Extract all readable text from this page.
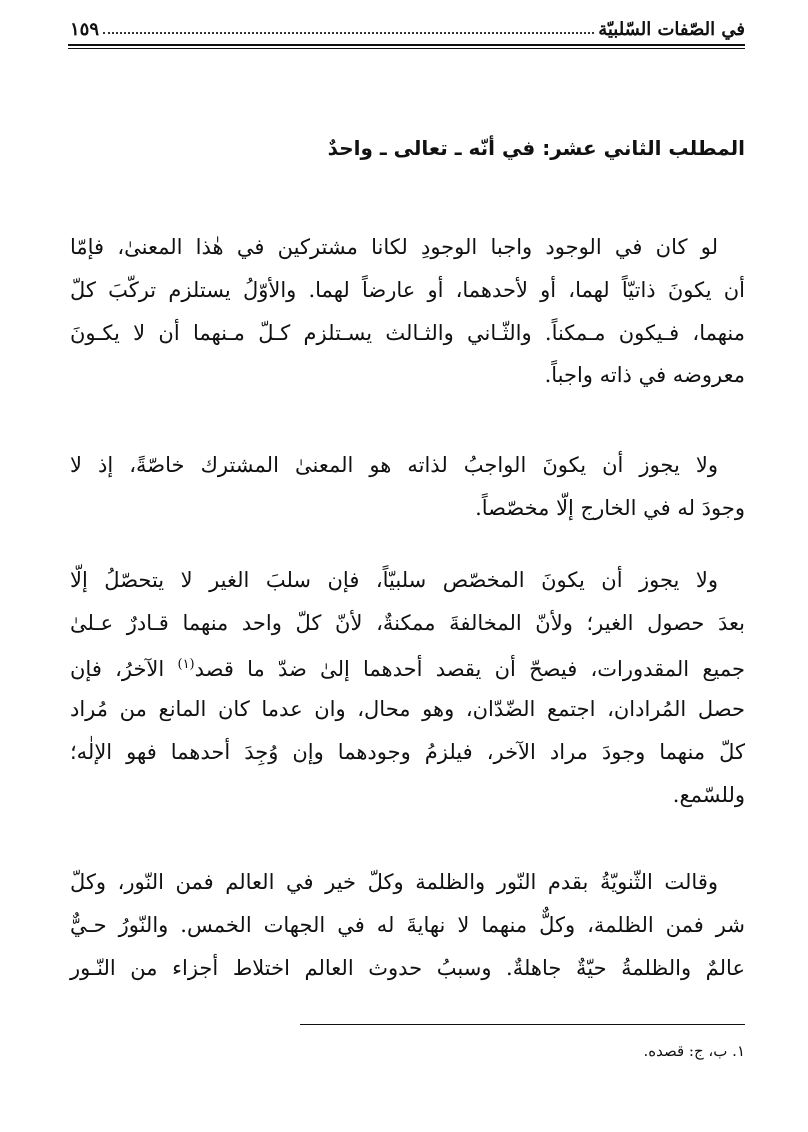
في الصّفات السّلبيّة
١٥٩
المطلب الثاني عشر: في أنّه ـ تعالى ـ واحدٌ
لو كان في الوجود واجبا الوجودِ لكانا مشتركين في هٰذا المعنىٰ، فإمّا
أن يكونَ ذاتيّاً لهما، أو لأحدهما، أو عارضاً لهما. والأوّلُ يستلزم تركّبَ كلّ
منهما، فـيكون مـمكناً. والثّـاني والثـالث يسـتلزم كـلّ مـنهما أن لا يكـونَ
معروضه في ذاته واجباً.
ولا يجوز أن يكونَ الواجبُ لذاته هو المعنىٰ المشترك خاصّةً، إذ لا
وجودَ له في الخارج إلّا مخصّصاً.
ولا يجوز أن يكونَ المخصّص سلبيّاً، فإن سلبَ الغير لا يتحصّلُ إلّا
بعدَ حصول الغير؛ ولأنّ المخالفةَ ممكنةٌ، لأنّ كلّ واحد منهما قـادرٌ عـلىٰ
جميع المقدورات، فيصحّ أن يقصد أحدهما إلىٰ ضدّ ما قصد$^{(١)}$ الآخرُ، فإن
حصل المُرادان، اجتمع الضّدّان، وهو محال، وان عدما كان المانع من مُراد
كلّ منهما وجودَ مراد الآخر، فيلزمُ وجودهما وإن وُجِدَ أحدهما فهو الإلٰه؛
وللسّمع.
وقالت الثّنويّةُ بقدم النّور والظلمة وكلّ خير في العالم فمن النّور، وكلّ
شر فمن الظلمة، وكلٌّ منهما لا نهايةَ له في الجهات الخمس. والنّورُ حـيٌّ
عالمٌ والظلمةُ حيّةٌ جاهلةٌ. وسببُ حدوث العالم اختلاط أجزاء من النّـور
١. ب، ج: قصده.
